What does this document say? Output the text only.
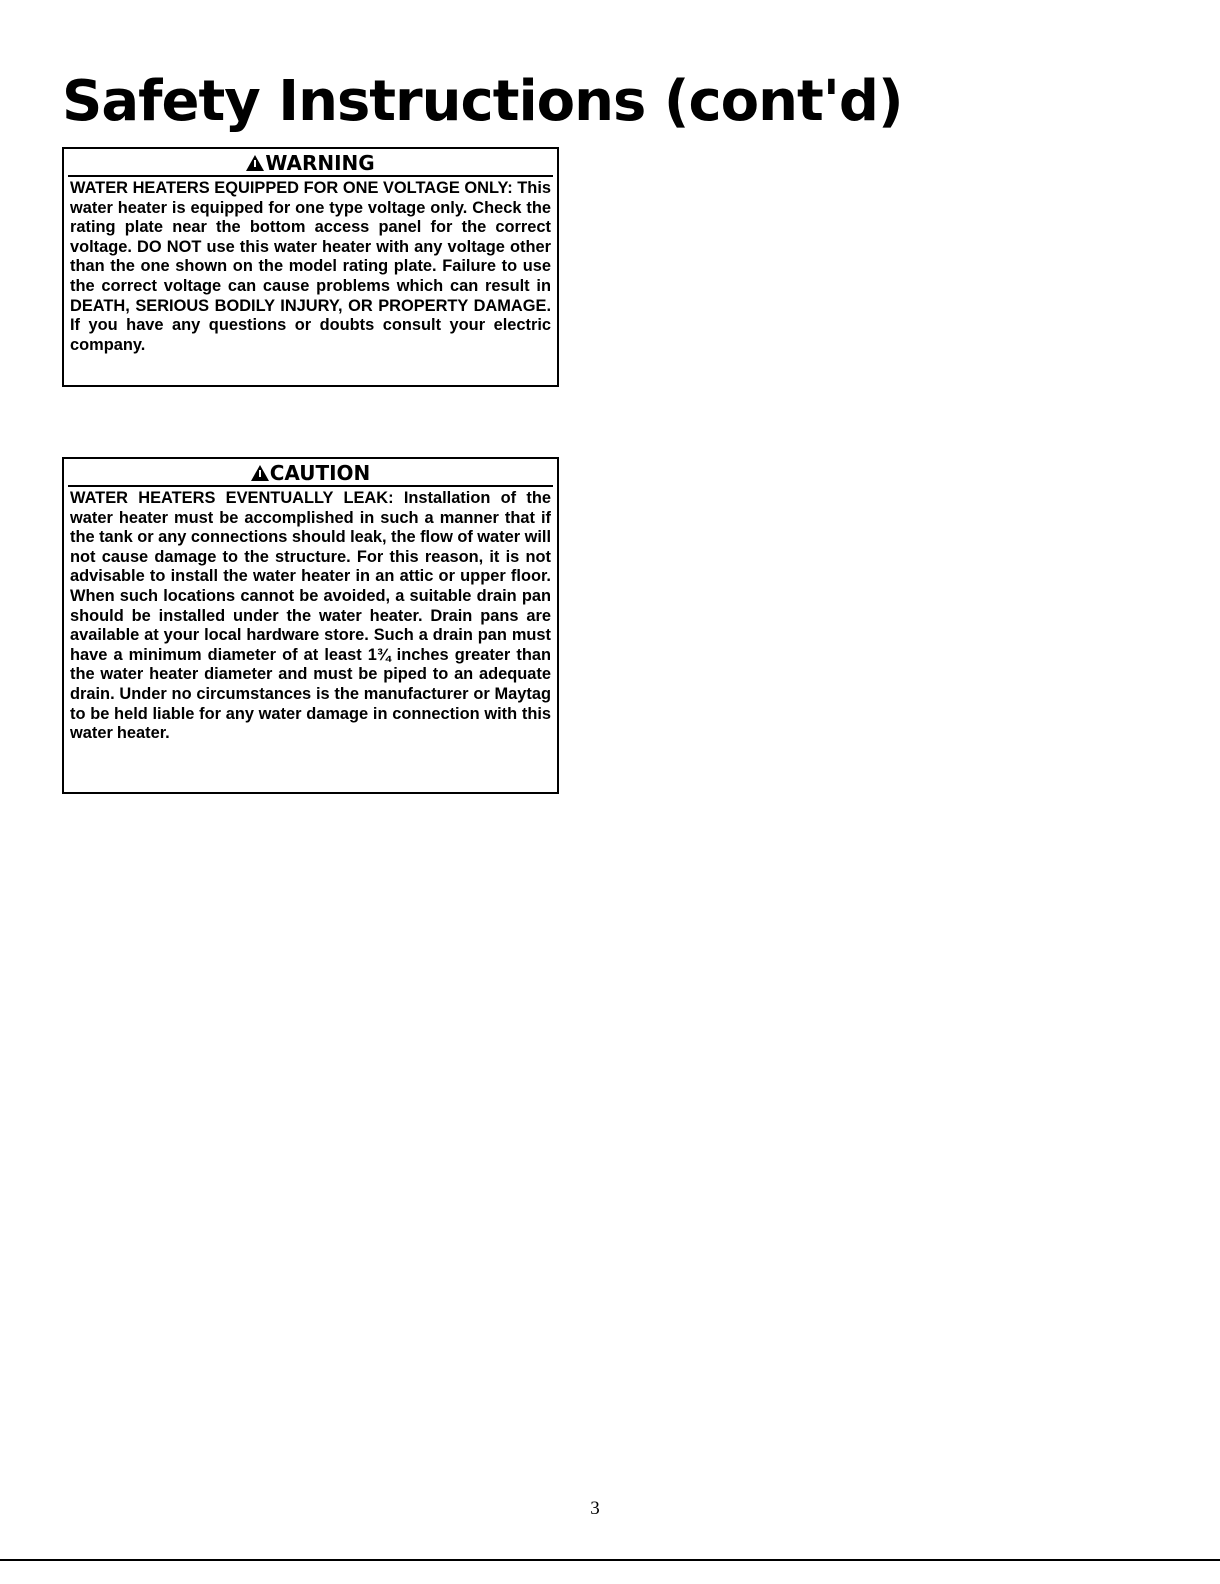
Safety Instructions (cont'd)
WARNING

WATER HEATERS EQUIPPED FOR ONE VOLTAGE ONLY: This water heater is equipped for one type voltage only. Check the rating plate near the bottom access panel for the correct voltage. DO NOT use this water heater with any voltage other than the one shown on the model rating plate. Failure to use the correct voltage can cause problems which can result in DEATH, SERIOUS BODILY INJURY, OR PROPERTY DAMAGE. If you have any questions or doubts consult your electric company.

CAUTION

WATER HEATERS EVENTUALLY LEAK: Installation of the water heater must be accomplished in such a manner that if the tank or any connections should leak, the flow of water will not cause damage to the structure. For this reason, it is not advisable to install the water heater in an attic or upper floor. When such locations cannot be avoided, a suitable drain pan should be installed under the water heater. Drain pans are available at your local hardware store. Such a drain pan must have a minimum diameter of at least 1¾ inches greater than the water heater diameter and must be piped to an adequate drain. Under no circumstances is the manufacturer or Maytag to be held liable for any water damage in connection with this water heater.

3
